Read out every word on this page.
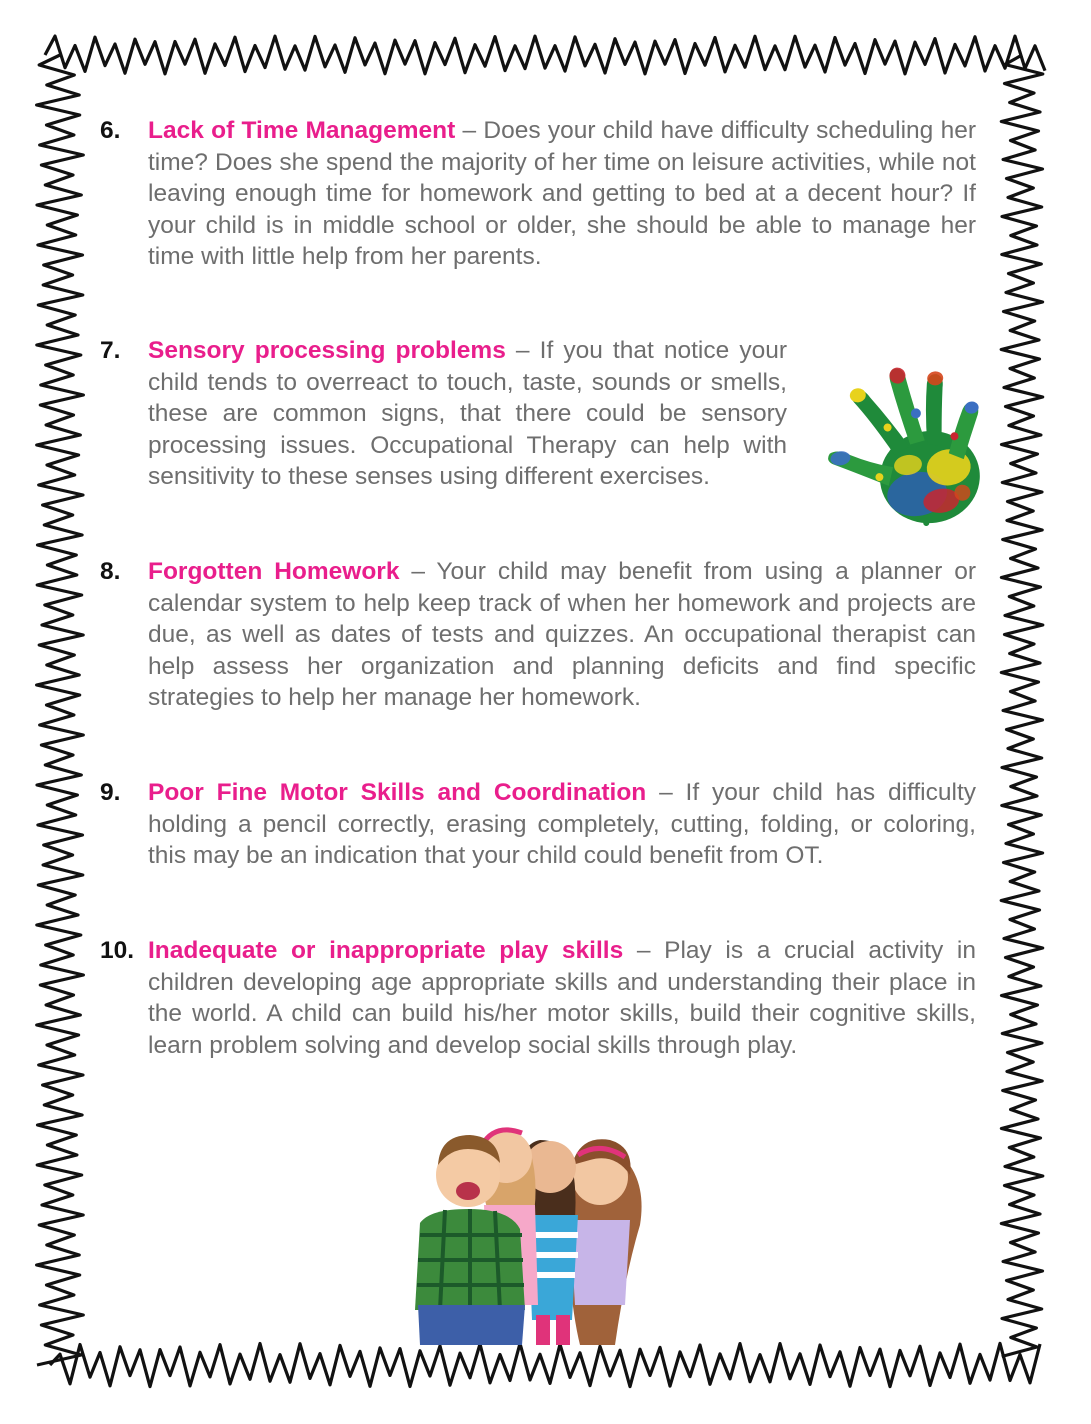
6.	Lack of Time Management – Does your child have difficulty scheduling her time? Does she spend the majority of her time on leisure activities, while not leaving enough time for homework and getting to bed at a decent hour? If your child is in middle school or older, she should be able to manage her time with little help from her parents.
7.	Sensory processing problems – If you that notice your child tends to overreact to touch, taste, sounds or smells, these are common signs, that there could be sensory processing issues. Occupational Therapy can help with sensitivity to these senses using different exercises.
8.	Forgotten Homework – Your child may benefit from using a planner or calendar system to help keep track of when her homework and projects are due, as well as dates of tests and quizzes. An occupational therapist can help assess her organization and planning deficits and find specific strategies to help her manage her homework.
9.	Poor Fine Motor Skills and Coordination – If your child has difficulty holding a pencil correctly, erasing completely, cutting, folding, or coloring, this may be an indication that your child could benefit from OT.
10. Inadequate or inappropriate play skills – Play is a crucial activity in children developing age appropriate skills and understanding their place in the world. A child can build his/her motor skills, build their cognitive skills, learn problem solving and develop social skills through play.
